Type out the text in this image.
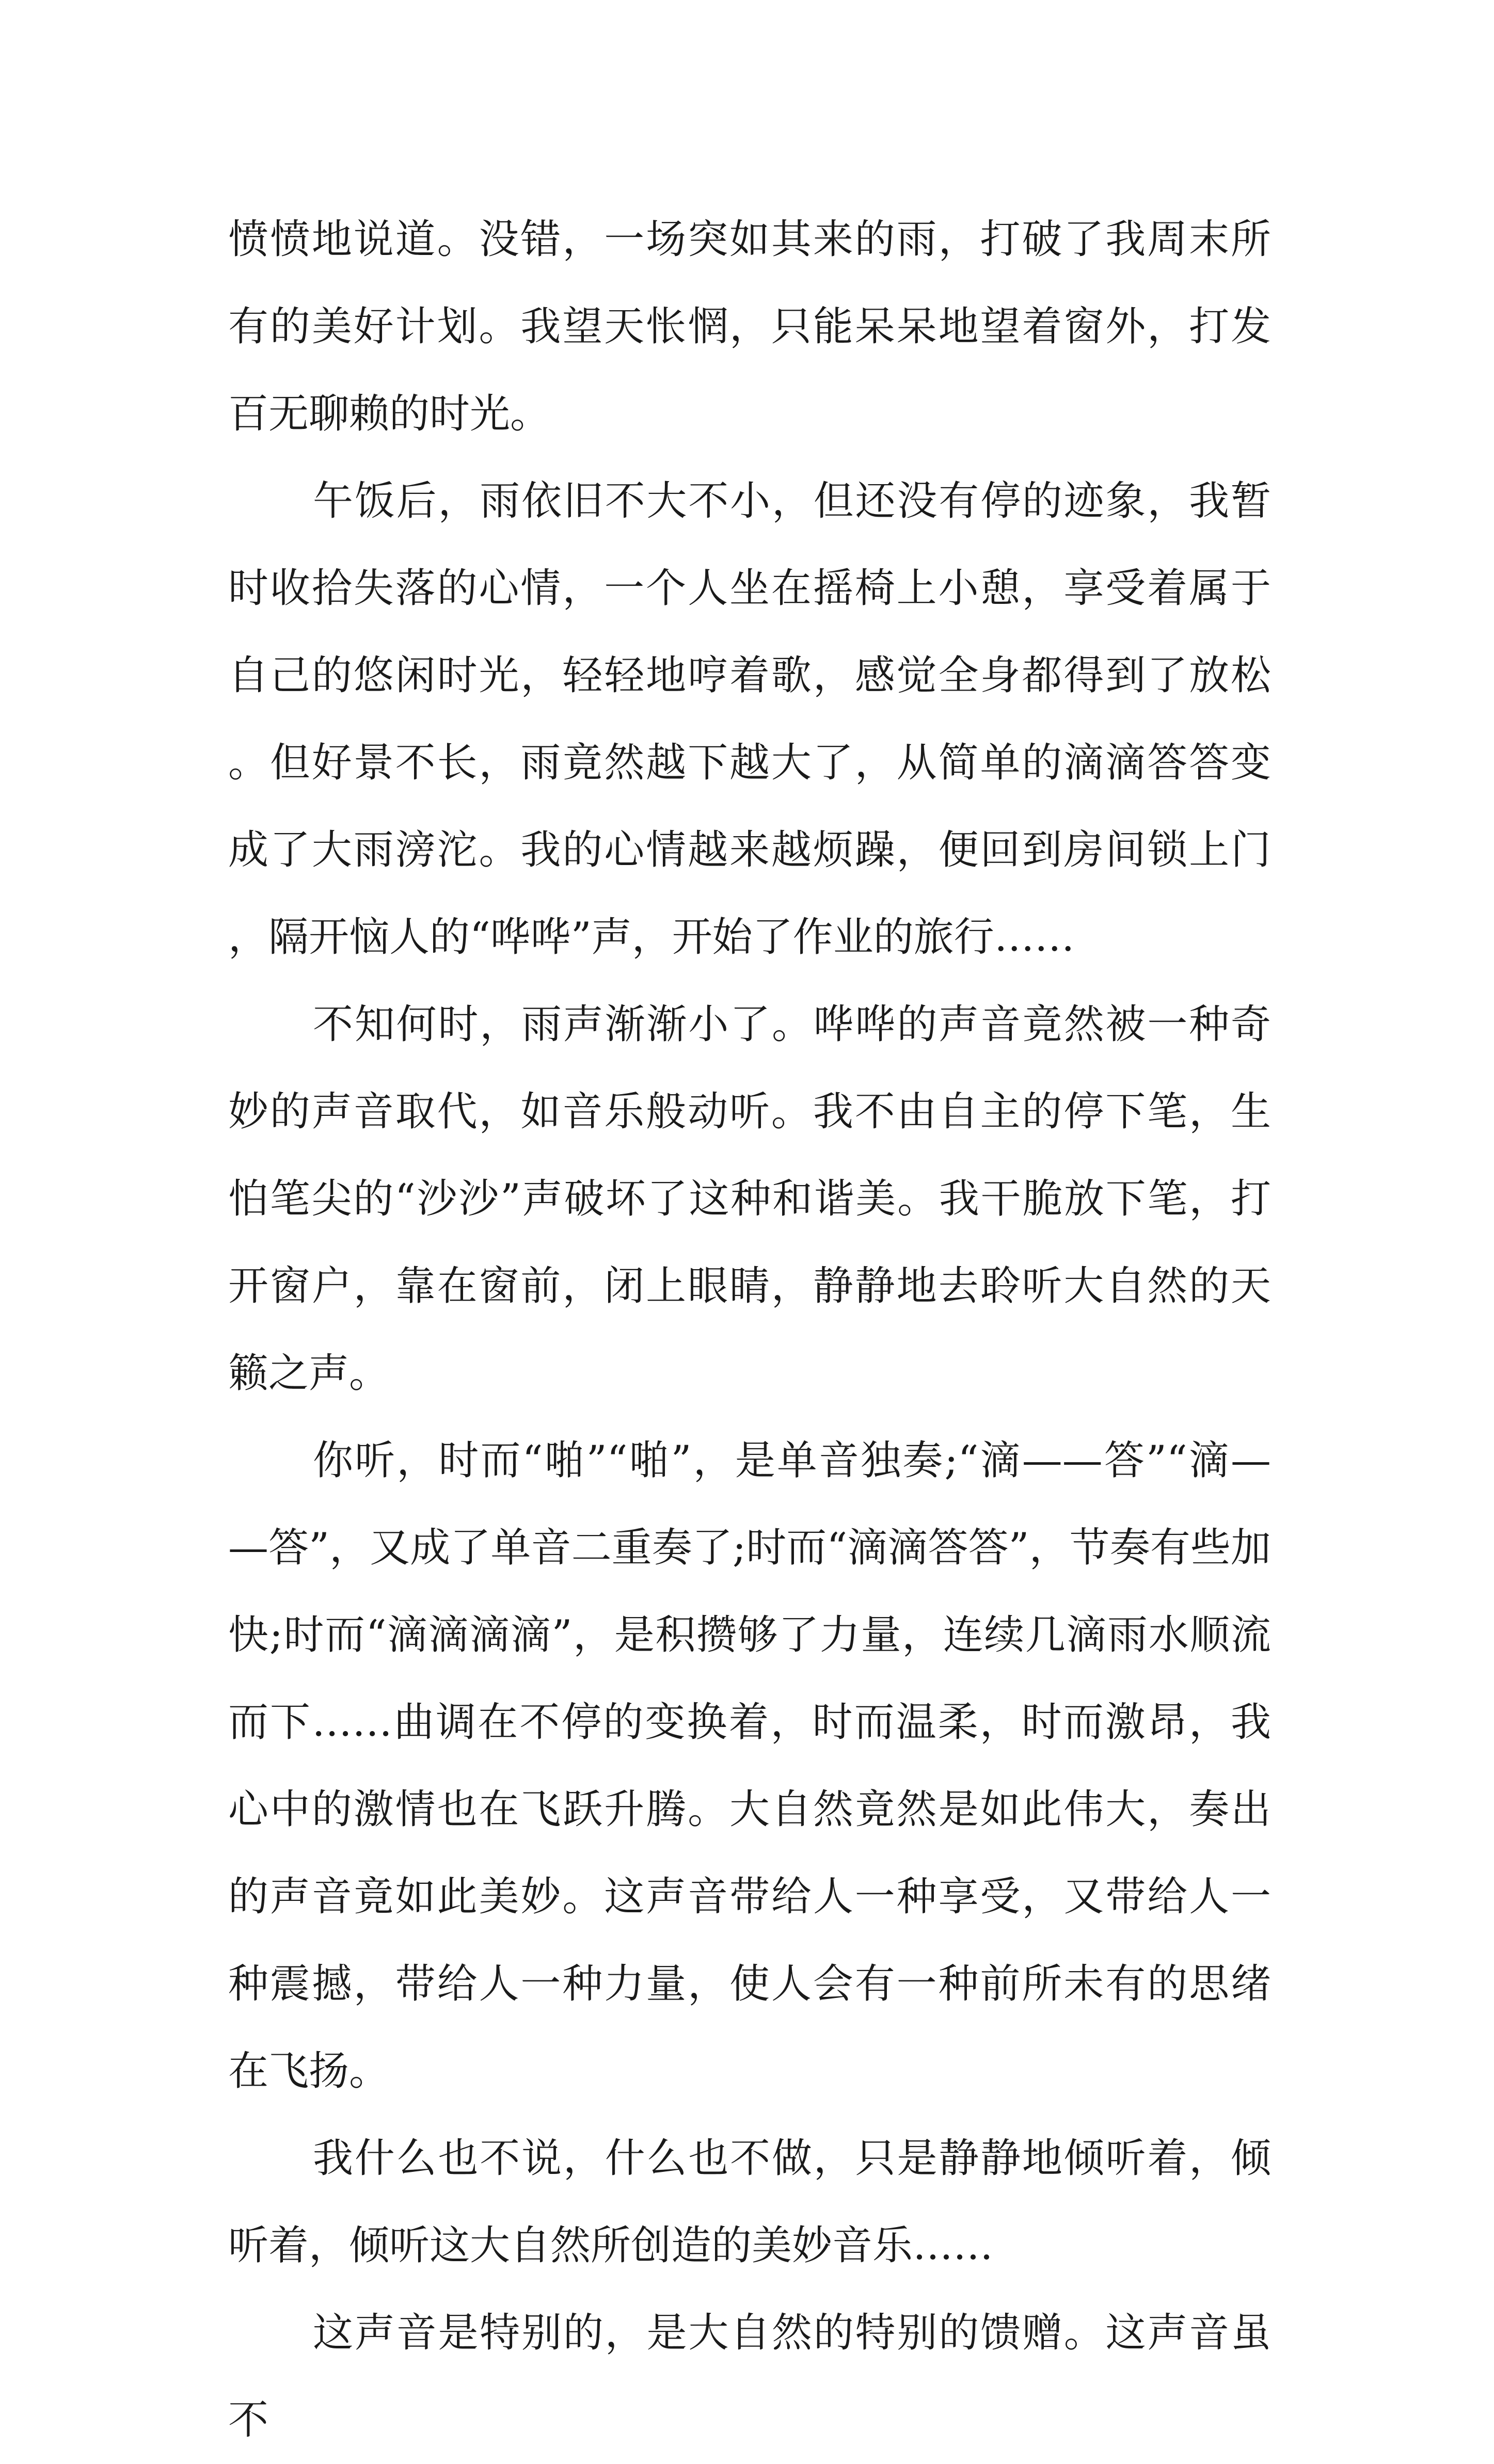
愤愤地说道。没错，一场突如其来的雨，打破了我周末所有的美好计划。我望天怅惘，只能呆呆地望着窗外，打发百无聊赖的时光。

午饭后，雨依旧不大不小，但还没有停的迹象，我暂时收拾失落的心情，一个人坐在摇椅上小憩，享受着属于自己的悠闲时光，轻轻地哼着歌，感觉全身都得到了放松。但好景不长，雨竟然越下越大了，从简单的滴滴答答变成了大雨滂沱。我的心情越来越烦躁，便回到房间锁上门，隔开恼人的“哗哗”声，开始了作业的旅行……

不知何时，雨声渐渐小了。哗哗的声音竟然被一种奇妙的声音取代，如音乐般动听。我不由自主的停下笔，生怕笔尖的“沙沙”声破坏了这种和谐美。我干脆放下笔，打开窗户，靠在窗前，闭上眼睛，静静地去聆听大自然的天籁之声。

你听，时而“啪”“啪”，是单音独奏;“滴——答”“滴——答”，又成了单音二重奏了;时而“滴滴答答”，节奏有些加快;时而“滴滴滴滴”，是积攒够了力量，连续几滴雨水顺流而下……曲调在不停的变换着，时而温柔，时而激昂，我心中的激情也在飞跃升腾。大自然竟然是如此伟大，奏出的声音竟如此美妙。这声音带给人一种享受，又带给人一种震撼，带给人一种力量，使人会有一种前所未有的思绪在飞扬。

我什么也不说，什么也不做，只是静静地倾听着，倾听着，倾听这大自然所创造的美妙音乐……

这声音是特别的，是大自然的特别的馈赠。这声音虽不
